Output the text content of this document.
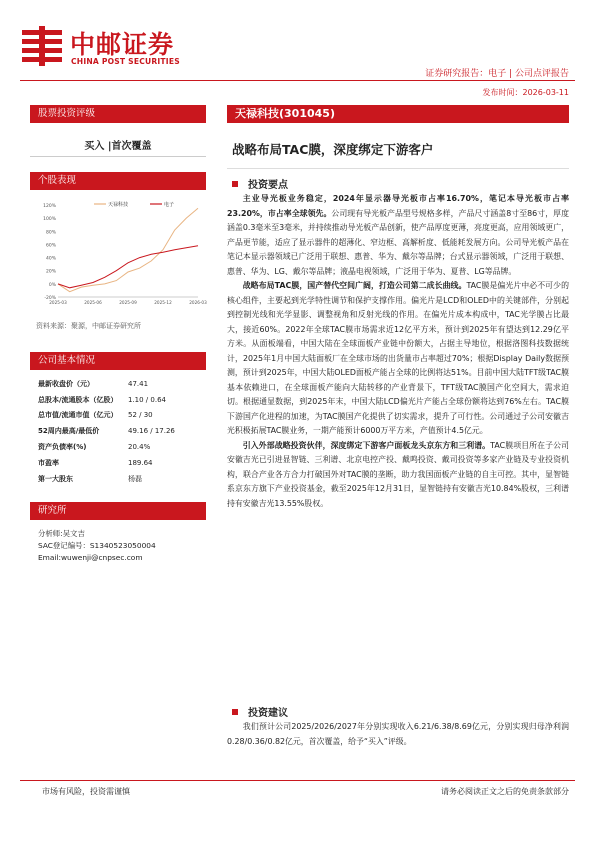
中邮证券
CHINA POST SECURITIES
证券研究报告：电子 | 公司点评报告
发布时间：2026-03-11
股票投资评级
买入 |首次覆盖
个股表现
-20%
0%
20%
40%
60%
80%
100%
120%
2025-03	2025-06	2025-09	2025-12	2026-03
天禄科技	电子
资料来源：聚源，中邮证券研究所
公司基本情况
最新收盘价（元）	47.41
总股本/流通股本（亿股）	1.10 / 0.64
总市值/流通市值（亿元）	52 / 30
52周内最高/最低价	49.16 / 17.26
资产负债率(%)	20.4%
市盈率	189.64
第一大股东	杨磊
研究所
分析师:吴文吉
SAC登记编号：S1340523050004
Email:wuwenji@cnpsec.com
天禄科技(301045)
战略布局TAC膜，深度绑定下游客户
投资要点

主业导光板业务稳定，2024年显示器导光板市占率16.70%，笔记本导光板市占率23.20%，市占率全球领先。公司现有导光板产品型号规格多样，产品尺寸涵盖8寸至86寸，厚度涵盖0.3毫米至3毫米，并持续推动导光板产品创新，使产品厚度更薄，亮度更高，应用领域更广，产品更节能，适应了显示器件的超薄化、窄边框、高解析度、低能耗发展方向。公司导光板产品在笔记本显示器领域已广泛用于联想、惠普、华为、戴尔等品牌；台式显示器领域，广泛用于联想、惠普、华为、LG、戴尔等品牌；液晶电视领域，广泛用于华为、夏普、LG等品牌。

战略布局TAC膜，国产替代空间广阔，打造公司第二成长曲线。TAC膜是偏光片中必不可少的核心组件，主要起到光学特性调节和保护支撑作用。偏光片是LCD和OLED中的关键部件，分别起到控制光线和光学显影、调整视角和反射光线的作用。在偏光片成本构成中，TAC光学膜占比最大，接近60%。2022年全球TAC膜市场需求近12亿平方米，预计到2025年有望达到12.29亿平方米。从面板端看，中国大陆在全球面板产业链中份额大，占据主导地位，根据洛图科技数据统计，2025年1月中国大陆面板厂在全球市场的出货量市占率超过70%；根据Display Daily数据预测，预计到2025年，中国大陆OLED面板产能占全球的比例将达51%。目前中国大陆TFT级TAC膜基本依赖进口，在全球面板产能向大陆转移的产业背景下，TFT级TAC膜国产化空间大，需求迫切。根据通显数据，到2025年末，中国大陆LCD偏光片产能占全球份额将达到76%左右。TAC膜下游国产化进程的加速，为TAC膜国产化提供了切实需求，提升了可行性。公司通过子公司安徽吉光积极拓展TAC膜业务，一期产能预计6000万平方米，产值预计4.5亿元。

引入外部战略投资伙伴，深度绑定下游客户面板龙头京东方和三利谱。TAC膜项目所在子公司安徽吉光已引进显智链、三利谱、北京电控产投、戴鸣投资、戴司投资等多家产业链及专业投资机构，联合产业各方合力打破国外对TAC膜的垄断，助力我国面板产业链的自主可控。其中，显智链系京东方旗下产业投资基金，截至2025年12月31日，显智链持有安徽吉光10.84%股权，三利谱持有安徽吉光13.55%股权。

投资建议

我们预计公司2025/2026/2027年分别实现收入6.21/6.38/8.69亿元，分别实现归母净利润0.28/0.36/0.82亿元，首次覆盖，给予“买入”评级。

市场有风险，投资需谨慎	请务必阅读正文之后的免责条款部分
